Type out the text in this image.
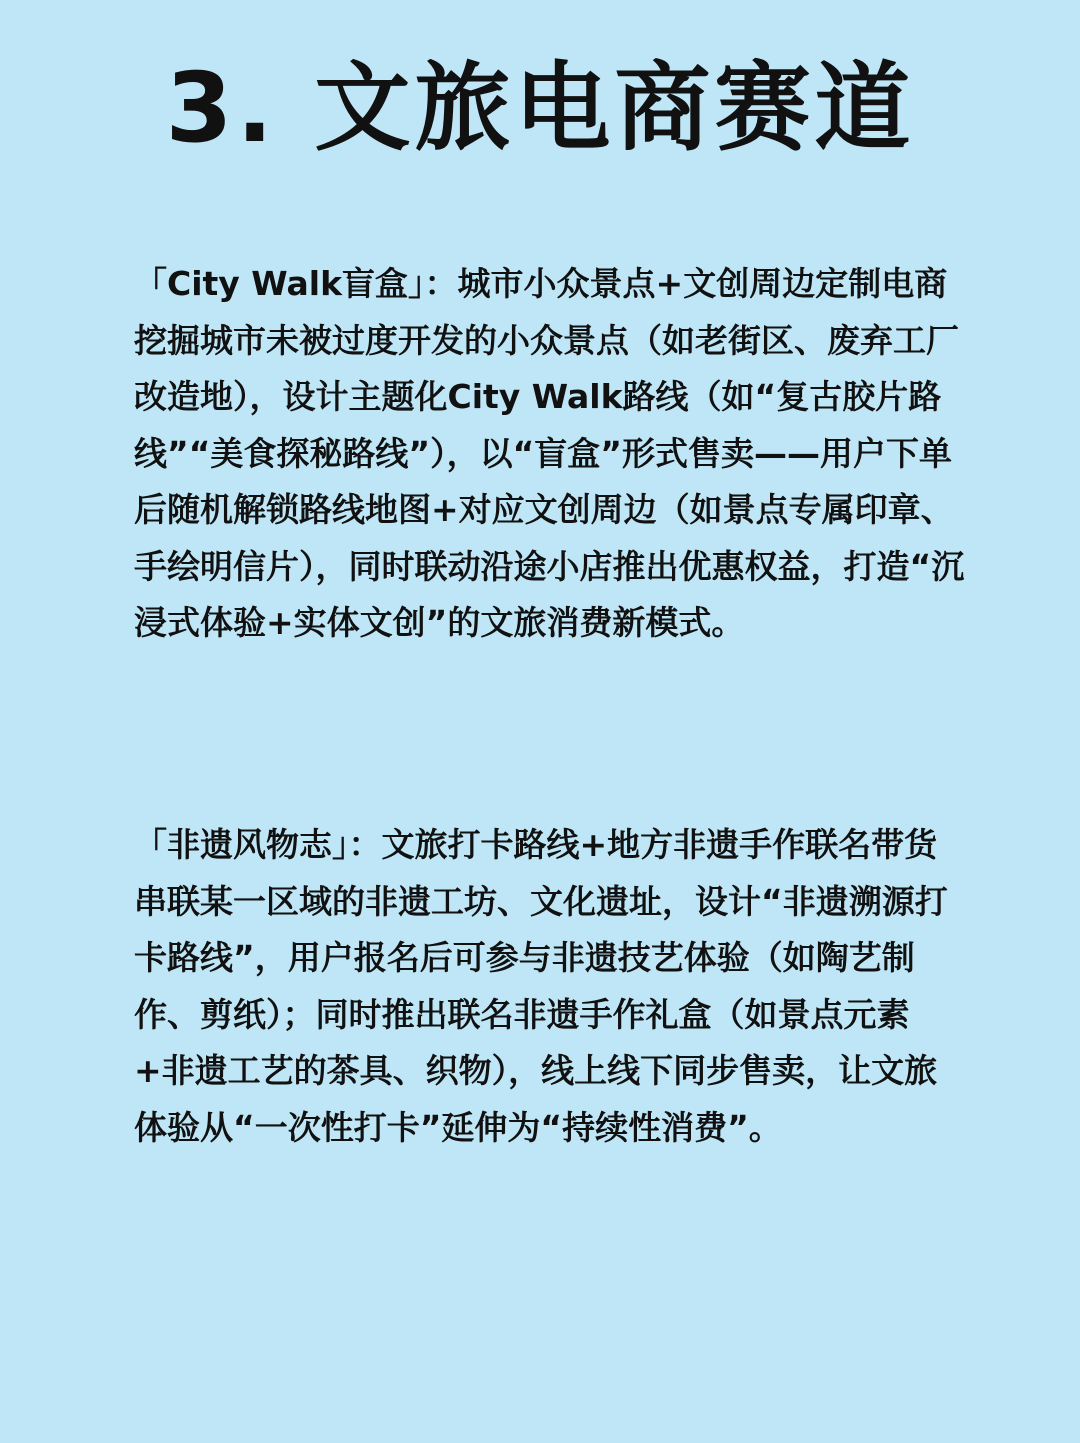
3. 文旅电商赛道

「City Walk盲盒」：城市小众景点+文创周边定制电商

挖掘城市未被过度开发的小众景点（如老街区、废弃工厂改造地），设计主题化City Walk路线（如“复古胶片路线”“美食探秘路线”），以“盲盒”形式售卖——用户下单后随机解锁路线地图+对应文创周边（如景点专属印章、手绘明信片），同时联动沿途小店推出优惠权益，打造“沉浸式体验+实体文创”的文旅消费新模式。

「非遗风物志」：文旅打卡路线+地方非遗手作联名带货

串联某一区域的非遗工坊、文化遗址，设计“非遗溯源打卡路线”，用户报名后可参与非遗技艺体验（如陶艺制作、剪纸）；同时推出联名非遗手作礼盒（如景点元素+非遗工艺的茶具、织物），线上线下同步售卖，让文旅体验从“一次性打卡”延伸为“持续性消费”。
